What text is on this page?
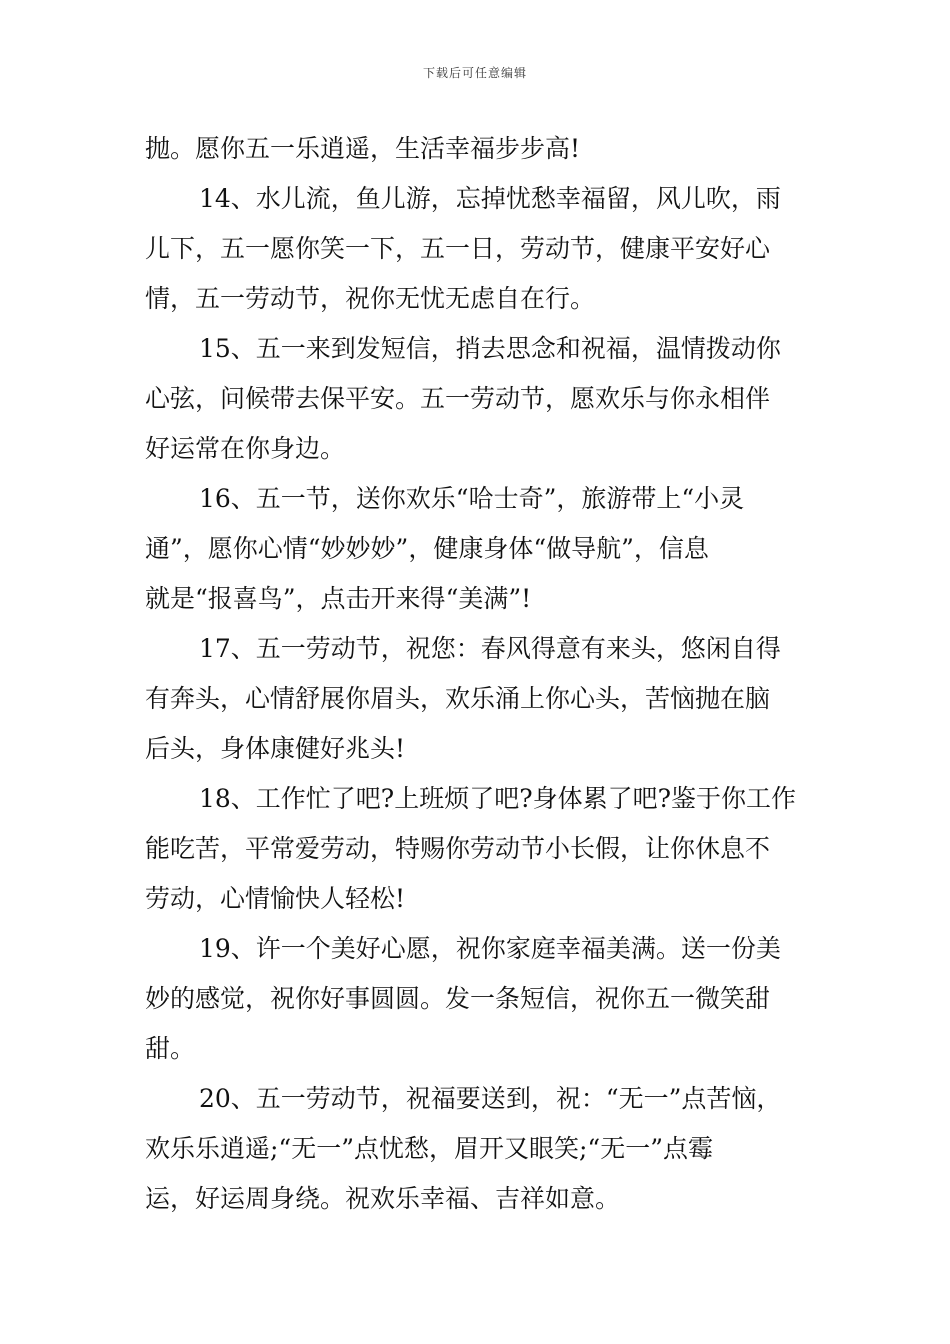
下载后可任意编辑
抛。愿你五一乐逍遥，生活幸福步步高!
14、水儿流，鱼儿游，忘掉忧愁幸福留，风儿吹，雨
儿下，五一愿你笑一下，五一日，劳动节，健康平安好心
情，五一劳动节，祝你无忧无虑自在行。
15、五一来到发短信，捎去思念和祝福，温情拨动你
心弦，问候带去保平安。五一劳动节，愿欢乐与你永相伴
好运常在你身边。
16、五一节，送你欢乐“哈士奇”，旅游带上“小灵
通”，愿你心情“妙妙妙”，健康身体“做导航”，信息
就是“报喜鸟”，点击开来得“美满”!
17、五一劳动节，祝您：春风得意有来头，悠闲自得
有奔头，心情舒展你眉头，欢乐涌上你心头，苦恼抛在脑
后头，身体康健好兆头!
18、工作忙了吧?上班烦了吧?身体累了吧?鉴于你工作
能吃苦，平常爱劳动，特赐你劳动节小长假，让你休息不
劳动，心情愉快人轻松!
19、许一个美好心愿，祝你家庭幸福美满。送一份美
妙的感觉，祝你好事圆圆。发一条短信，祝你五一微笑甜
甜。
20、五一劳动节，祝福要送到，祝：“无一”点苦恼，
欢乐乐逍遥;“无一”点忧愁，眉开又眼笑;“无一”点霉
运，好运周身绕。祝欢乐幸福、吉祥如意。
